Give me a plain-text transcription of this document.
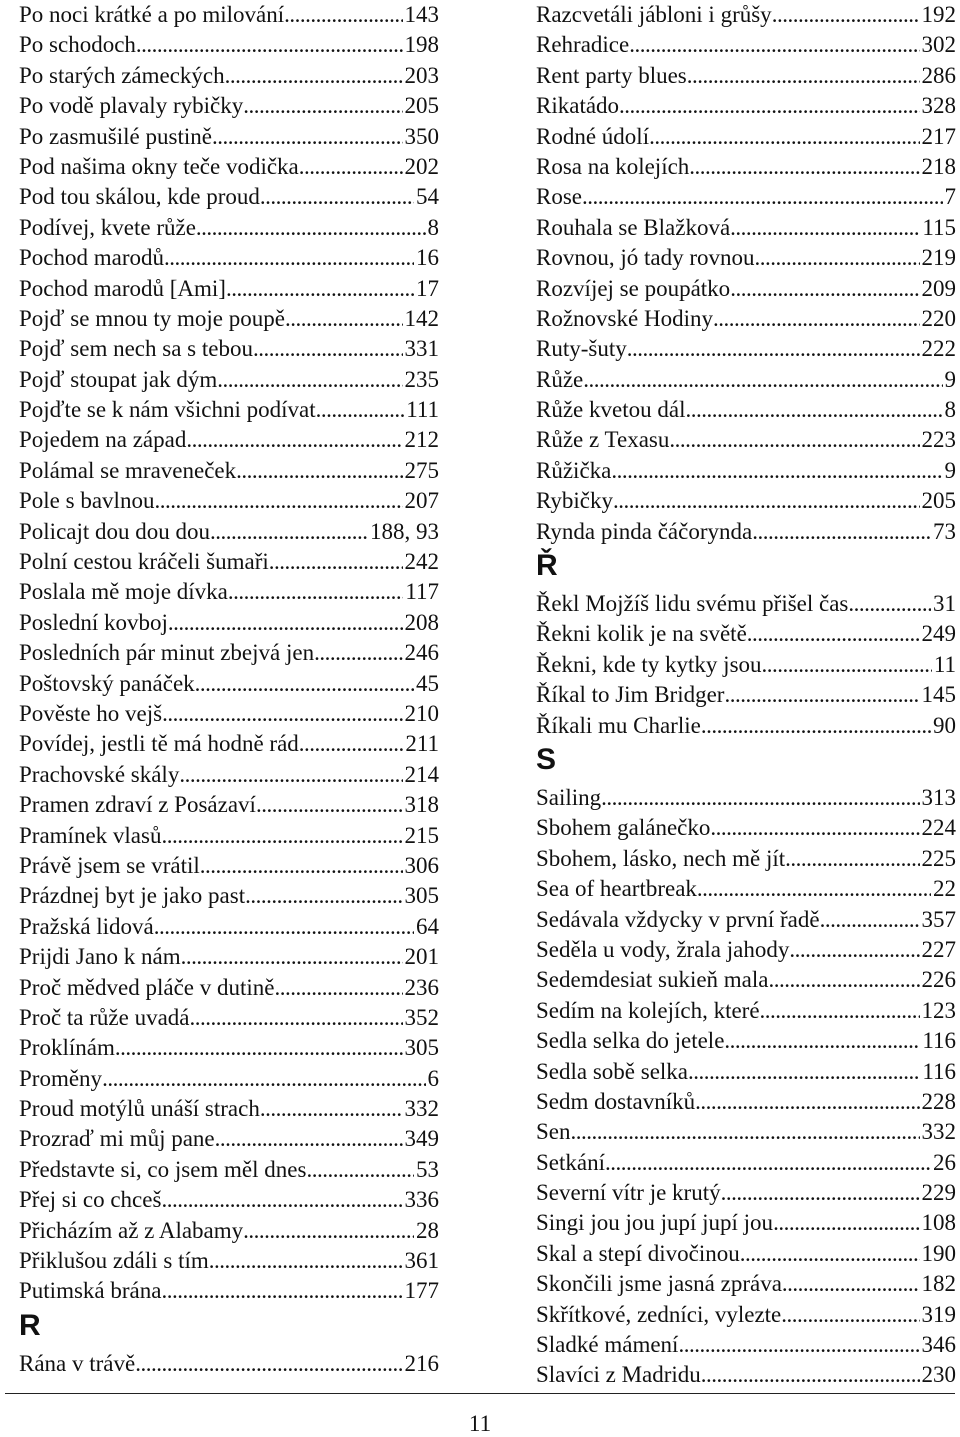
Po noci krátké a po milování .....	143
Po schodoch .....	198
Po starých zámeckých .....	203
Po vodě plavaly rybičky .....	205
Po zasmušilé pustině .....	350
Pod našima okny teče vodička .....	202
Pod tou skálou, kde proud .....	54
Podívej, kvete růže .....	8
Pochod marodů .....	16
Pochod marodů [Ami] .....	17
Pojď se mnou ty moje poupě .....	142
Pojď sem nech sa s tebou .....	331
Pojď stoupat jak dým .....	235
Pojďte se k nám všichni podívat .....	111
Pojedem na západ .....	212
Polámal se mraveneček .....	275
Pole s bavlnou .....	207
Policajt dou dou dou .....	188, 93
Polní cestou kráčeli šumaři .....	242
Poslala mě moje dívka .....	117
Poslední kovboj .....	208
Posledních pár minut zbejvá jen .....	246
Poštovský panáček .....	45
Pověste ho vejš .....	210
Povídej, jestli tě má hodně rád .....	211
Prachovské skály .....	214
Pramen zdraví z Posázaví .....	318
Pramínek vlasů .....	215
Právě jsem se vrátil .....	306
Prázdnej byt je jako past .....	305
Pražská lidová .....	64
Prijdi Jano k nám .....	201
Proč mědved pláče v dutině .....	236
Proč ta růže uvadá .....	352
Proklínám .....	305
Proměny .....	6
Proud motýlů unáší strach .....	332
Prozraď mi můj pane .....	349
Představte si, co jsem měl dnes .....	53
Přej si co chceš .....	336
Přicházím až z Alabamy .....	28
Přiklušou zdáli s tím .....	361
Putimská brána .....	177
R
Rána v trávě .....	216
Razcvetáli jábloni i grůšy .....	192
Rehradice .....	302
Rent party blues .....	286
Rikatádo .....	328
Rodné údolí .....	217
Rosa na kolejích .....	218
Rose .....	7
Rouhala se Blažková .....	115
Rovnou, jó tady rovnou .....	219
Rozvíjej se poupátko .....	209
Rožnovské Hodiny .....	220
Ruty-šuty .....	222
Růže .....	9
Růže kvetou dál .....	8
Růže z Texasu .....	223
Růžička .....	9
Rybičky .....	205
Rynda pinda čáčorynda .....	73
Ř
Řekl Mojžíš lidu svému přišel čas .....	31
Řekni kolik je na světě .....	249
Řekni, kde ty kytky jsou .....	11
Říkal to Jim Bridger .....	145
Říkali mu Charlie .....	90
S
Sailing .....	313
Sbohem galánečko .....	224
Sbohem, lásko, nech mě jít .....	225
Sea of heartbreak .....	22
Sedávala vždycky v první řadě .....	357
Seděla u vody, žrala jahody .....	227
Sedemdesiat sukieň mala .....	226
Sedím na kolejích, které .....	123
Sedla selka do jetele .....	116
Sedla sobě selka .....	116
Sedm dostavníků .....	228
Sen .....	332
Setkání .....	26
Severní vítr je krutý .....	229
Singi jou jou jupí jupí jou .....	108
Skal a stepí divočinou .....	190
Skončili jsme jasná zpráva .....	182
Skřítkové, zedníci, vylezte .....	319
Sladké mámení .....	346
Slavíci z Madridu .....	230
11
